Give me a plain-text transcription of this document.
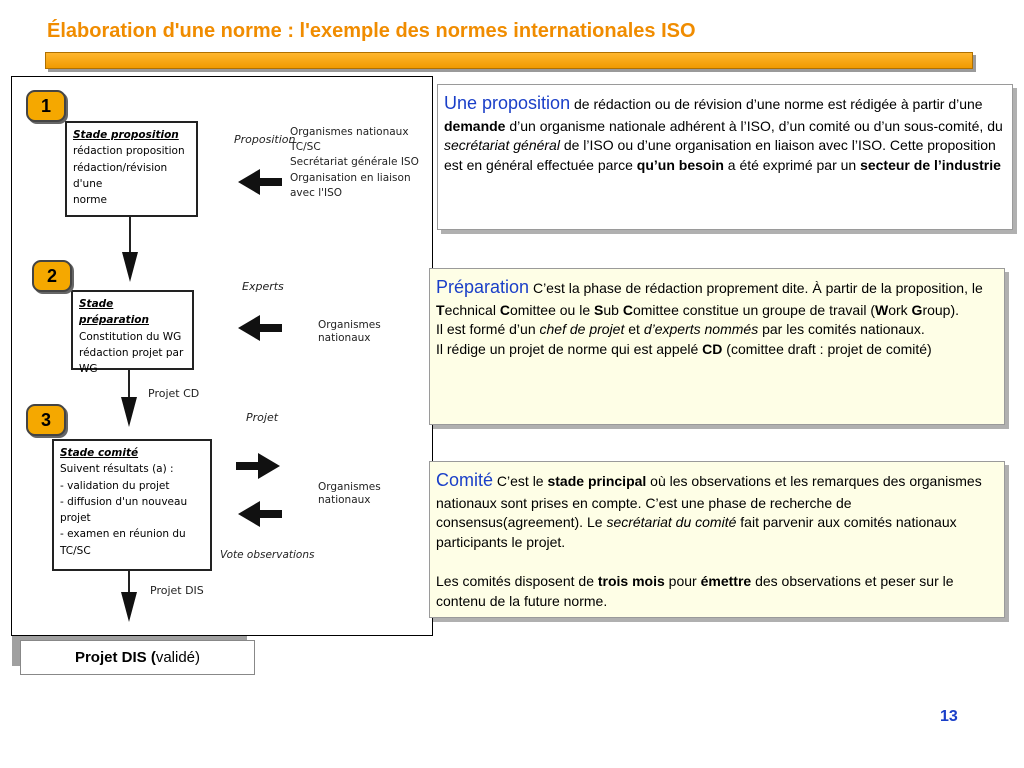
Élaboration d'une norme : l'exemple des normes internationales ISO
Stade proposition
rédaction proposition
rédaction/révision d'une
norme
Stade préparation
Constitution du WG
rédaction projet par WG
Projet CD
Stade comité
Suivent résultats (a) :
- validation du projet
- diffusion d'un nouveau projet
- examen en réunion du TC/SC
Projet DIS
Proposition
Organismes nationaux
TC/SC
Secrétariat générale ISO
Organisation en liaison avec l'ISO
Experts
Organismes nationaux
Projet
Organismes nationaux
Vote observations
1
2
3
Projet DIS (validé)
Une proposition de rédaction ou de révision d’une norme est rédigée à partir d’une demande d’un organisme nationale adhérent à l’ISO, d’un comité ou d’un sous-comité, du secrétariat général de l’ISO ou d’une organisation en liaison avec l’ISO. Cette proposition est en général effectuée parce qu’un besoin a été exprimé par un secteur de l’industrie
Préparation C’est la phase de rédaction proprement dite. À partir de la proposition, le Technical Comittee ou le Sub Comittee constitue un groupe de travail (Work Group).
Il est formé d’un chef de projet et d’experts nommés par les comités nationaux.
Il rédige un projet de norme qui est appelé CD (comittee draft : projet de comité)
Comité C’est le stade principal où les observations et les remarques des organismes nationaux sont prises en compte. C’est une phase de recherche de consensus(agreement). Le secrétariat du comité fait parvenir aux comités nationaux participants le projet.
Les comités disposent de trois mois pour émettre des observations et peser sur le contenu de la future norme.
13
